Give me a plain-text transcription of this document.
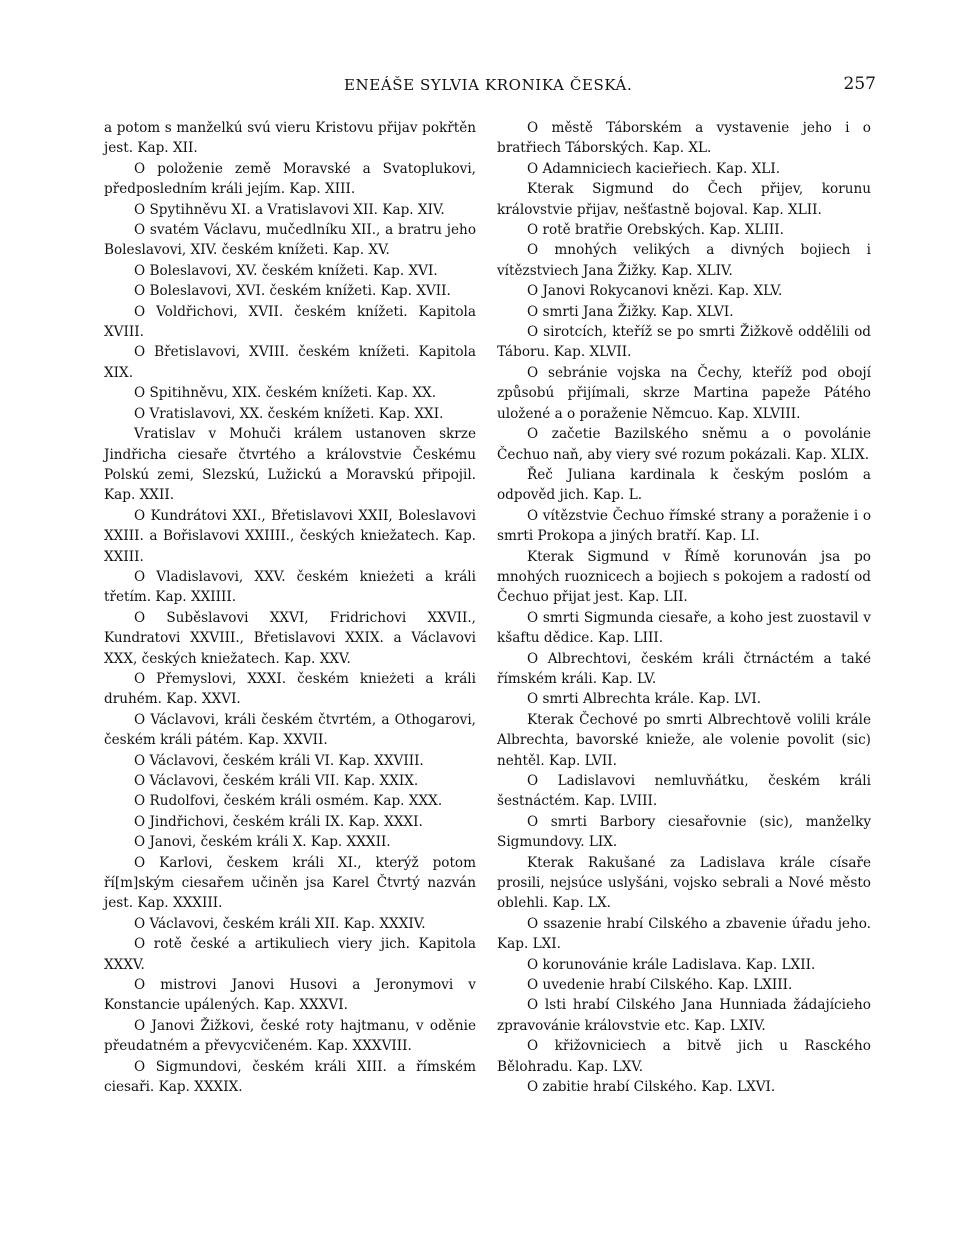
ENEÁŠE SYLVIA KRONIKA ČESKÁ.	257

a potom s manželkú svú vieru Kristovu přijav pokřtěn jest. Kap. XII.

O položenie země Moravské a Svatoplukovi, předposledním králi jejím. Kap. XIII.

O Spytihněvu XI. a Vratislavovi XII. Kap. XIV.

O svatém Václavu, mučedlníku XII., a bratru jeho Boleslavovi, XIV. českém knížeti. Kap. XV.

O Boleslavovi, XV. českém knížeti. Kap. XVI.

O Boleslavovi, XVI. českém knížeti. Kap. XVII.

O Voldřichovi, XVII. českém knížeti. Kapitola XVIII.

O Břetislavovi, XVIII. českém knížeti. Kapitola XIX.

O Spitihněvu, XIX. českém knížeti. Kap. XX.

O Vratislavovi, XX. českém knížeti. Kap. XXI.

Vratislav v Mohuči králem ustanoven skrze Jindřicha ciesaře čtvrtého a královstvie Českému Polskú zemi, Slezskú, Lužickú a Moravskú připojil. Kap. XXII.

O Kundrátovi XXI., Břetislavovi XXII, Boleslavovi XXIII. a Bořislavovi XXIIII., českých kniežatech. Kap. XXIII.

O Vladislavovi, XXV. českém knieżeti a králi třetím. Kap. XXIIII.

O Suběslavovi XXVI, Fridrichovi XXVII., Kundratovi XXVIII., Břetislavovi XXIX. a Václavovi XXX, českých kniežatech. Kap. XXV.

O Přemyslovi, XXXI. českém knieżeti a králi druhém. Kap. XXVI.

O Václavovi, králi českém čtvrtém, a Othogarovi, českém králi pátém. Kap. XXVII.

O Václavovi, českém králi VI. Kap. XXVIII.

O Václavovi, českém králi VII. Kap. XXIX.

O Rudolfovi, českém králi osmém. Kap. XXX.

O Jindřichovi, českém králi IX. Kap. XXXI.

O Janovi, českém králi X. Kap. XXXII.

O Karlovi, českem králi XI., kterýž potom ří[m]ským ciesařem učiněn jsa Karel Čtvrtý nazván jest. Kap. XXXIII.

O Václavovi, českém králi XII. Kap. XXXIV.

O rotě české a artikuliech viery jich. Kapitola XXXV.

O mistrovi Janovi Husovi a Jeronymovi v Konstancie upálených. Kap. XXXVI.

O Janovi Žižkovi, české roty hajtmanu, v oděnie přeudatném a převycvičeném. Kap. XXXVIII.

O Sigmundovi, českém králi XIII. a římském ciesaři. Kap. XXXIX.

O městě Táborském a vystavenie jeho i o bratřiech Táborských. Kap. XL.

O Adamniciech kacieřiech. Kap. XLI.

Kterak Sigmund do Čech přijev, korunu královstvie přijav, nešťastně bojoval. Kap. XLII.

O rotě bratřie Orebských. Kap. XLIII.

O mnohých velikých a divných bojiech i vítězstviech Jana Žižky. Kap. XLIV.

O Janovi Rokycanovi knězi. Kap. XLV.

O smrti Jana Žižky. Kap. XLVI.

O sirotcích, kteříž se po smrti Žižkově oddělili od Táboru. Kap. XLVII.

O sebránie vojska na Čechy, kteříž pod obojí způsobú přijímali, skrze Martina papeže Pátého uložené a o poraženie Němcuo. Kap. XLVIII.

O začetie Bazilského sněmu a o povolánie Čechuo naň, aby viery své rozum pokázali. Kap. XLIX.

Řeč Juliana kardinala k českým poslóm a odpověd jich. Kap. L.

O vítězstvie Čechuo římské strany a poraženie i o smrti Prokopa a jiných bratří. Kap. LI.

Kterak Sigmund v Římě korunován jsa po mnohých ruoznicech a bojiech s pokojem a radostí od Čechuo přijat jest. Kap. LII.

O smrti Sigmunda ciesaře, a koho jest zuostavil v kšaftu dědice. Kap. LIII.

O Albrechtovi, českém králi čtrnáctém a také římském králi. Kap. LV.

O smrti Albrechta krále. Kap. LVI.

Kterak Čechové po smrti Albrechtově volili krále Albrechta, bavorské knieže, ale volenie povolit (sic) nehtěl. Kap. LVII.

O Ladislavovi nemluvňátku, českém králi šestnáctém. Kap. LVIII.

O smrti Barbory ciesařovnie (sic), manželky Sigmundovy. LIX.

Kterak Rakušané za Ladislava krále císaře prosili, nejsúce uslyšáni, vojsko sebrali a Nové město oblehli. Kap. LX.

O ssazenie hrabí Cilského a zbavenie úřadu jeho. Kap. LXI.

O korunovánie krále Ladislava. Kap. LXII.

O uvedenie hrabí Cilského. Kap. LXIII.

O lsti hrabí Cilského Jana Hunniada žádajícieho zpravovánie královstvie etc. Kap. LXIV.

O křižovniciech a bitvě jich u Rasckého Bělohradu. Kap. LXV.

O zabitie hrabí Cilského. Kap. LXVI.
